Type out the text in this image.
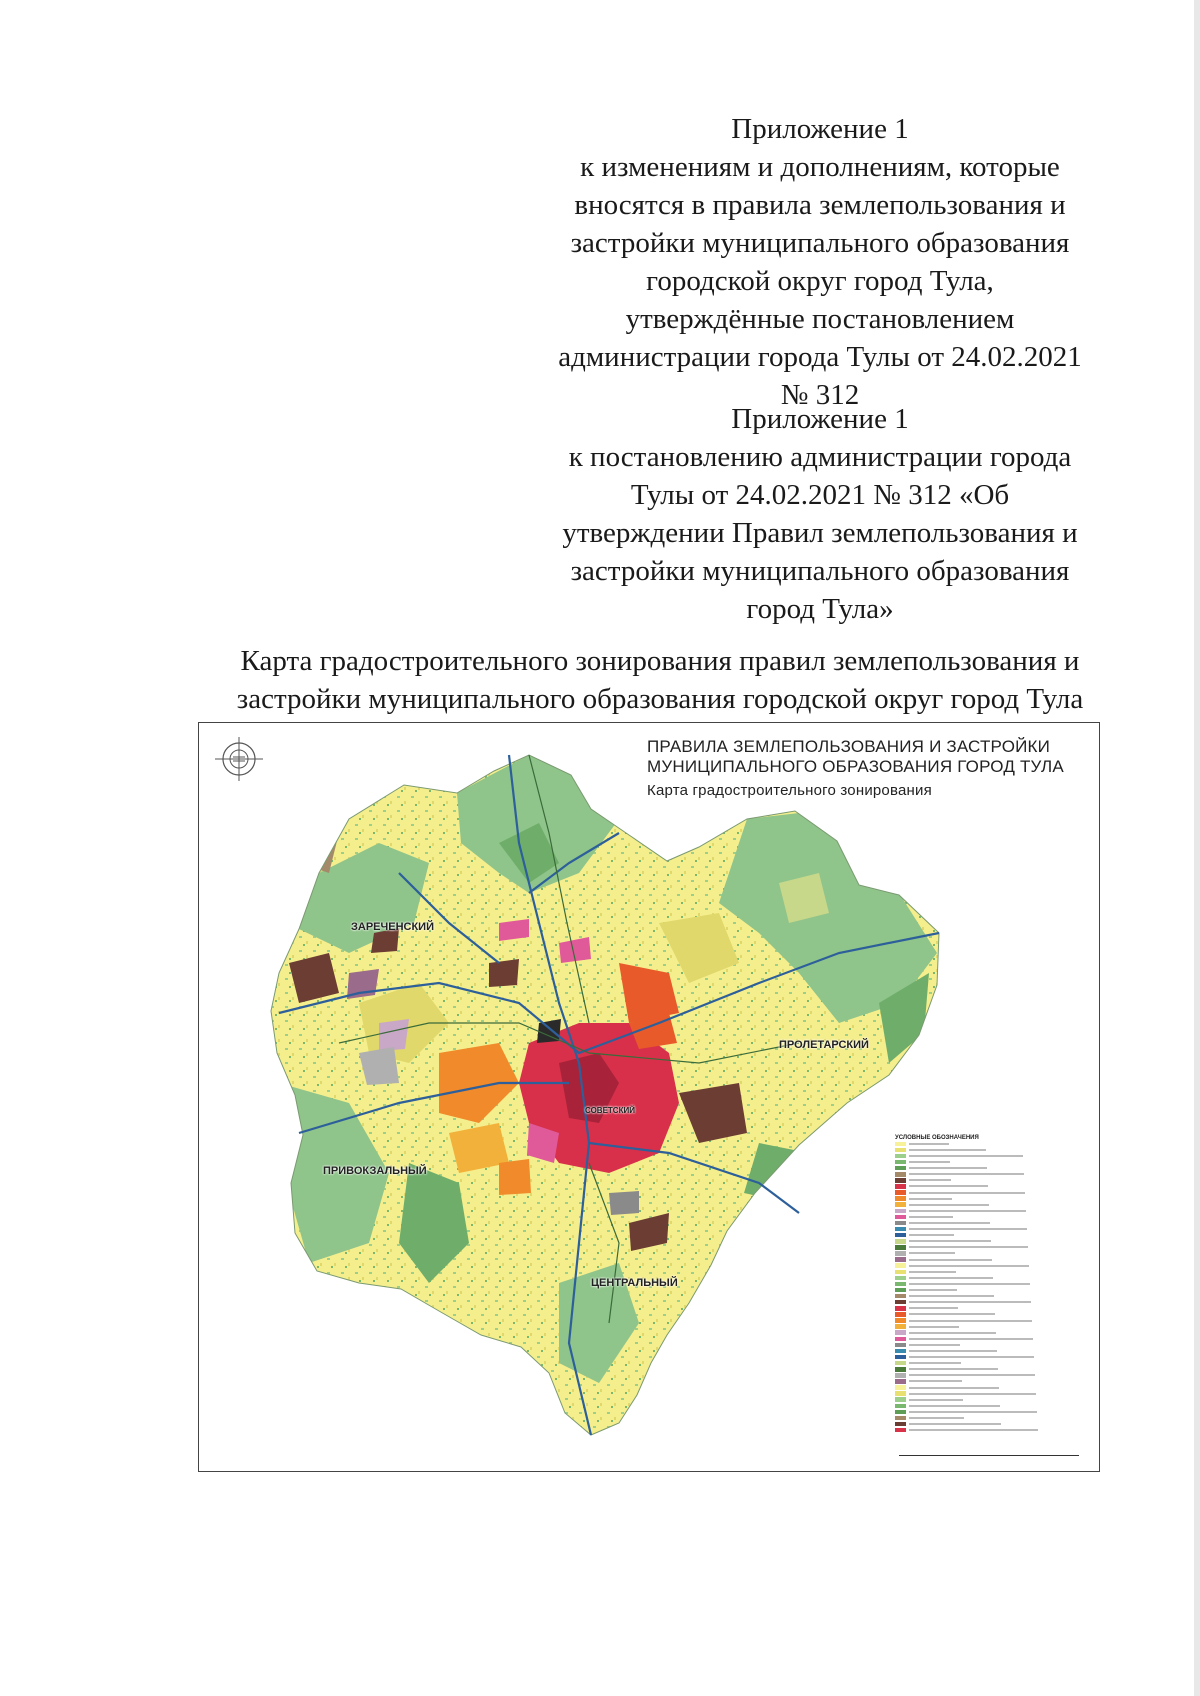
Приложение 1
к изменениям и дополнениям, которые
вносятся в правила землепользования и
застройки муниципального образования
городской округ город Тула,
утверждённые постановлением
администрации города Тулы от 24.02.2021
№ 312
Приложение 1
к постановлению администрации города
Тулы от 24.02.2021 № 312 «Об
утверждении Правил землепользования и
застройки муниципального образования
город Тула»
Карта градостроительного зонирования правил землепользования и
застройки муниципального образования городской округ город Тула
ПРАВИЛА ЗЕМЛЕПОЛЬЗОВАНИЯ И ЗАСТРОЙКИ
МУНИЦИПАЛЬНОГО ОБРАЗОВАНИЯ ГОРОД ТУЛА
Карта градостроительного зонирования
ЗАРЕЧЕНСКИЙ
ПРОЛЕТАРСКИЙ
ПРИВОКЗАЛЬНЫЙ
СОВЕТСКИЙ
ЦЕНТРАЛЬНЫЙ
УСЛОВНЫЕ ОБОЗНАЧЕНИЯ
